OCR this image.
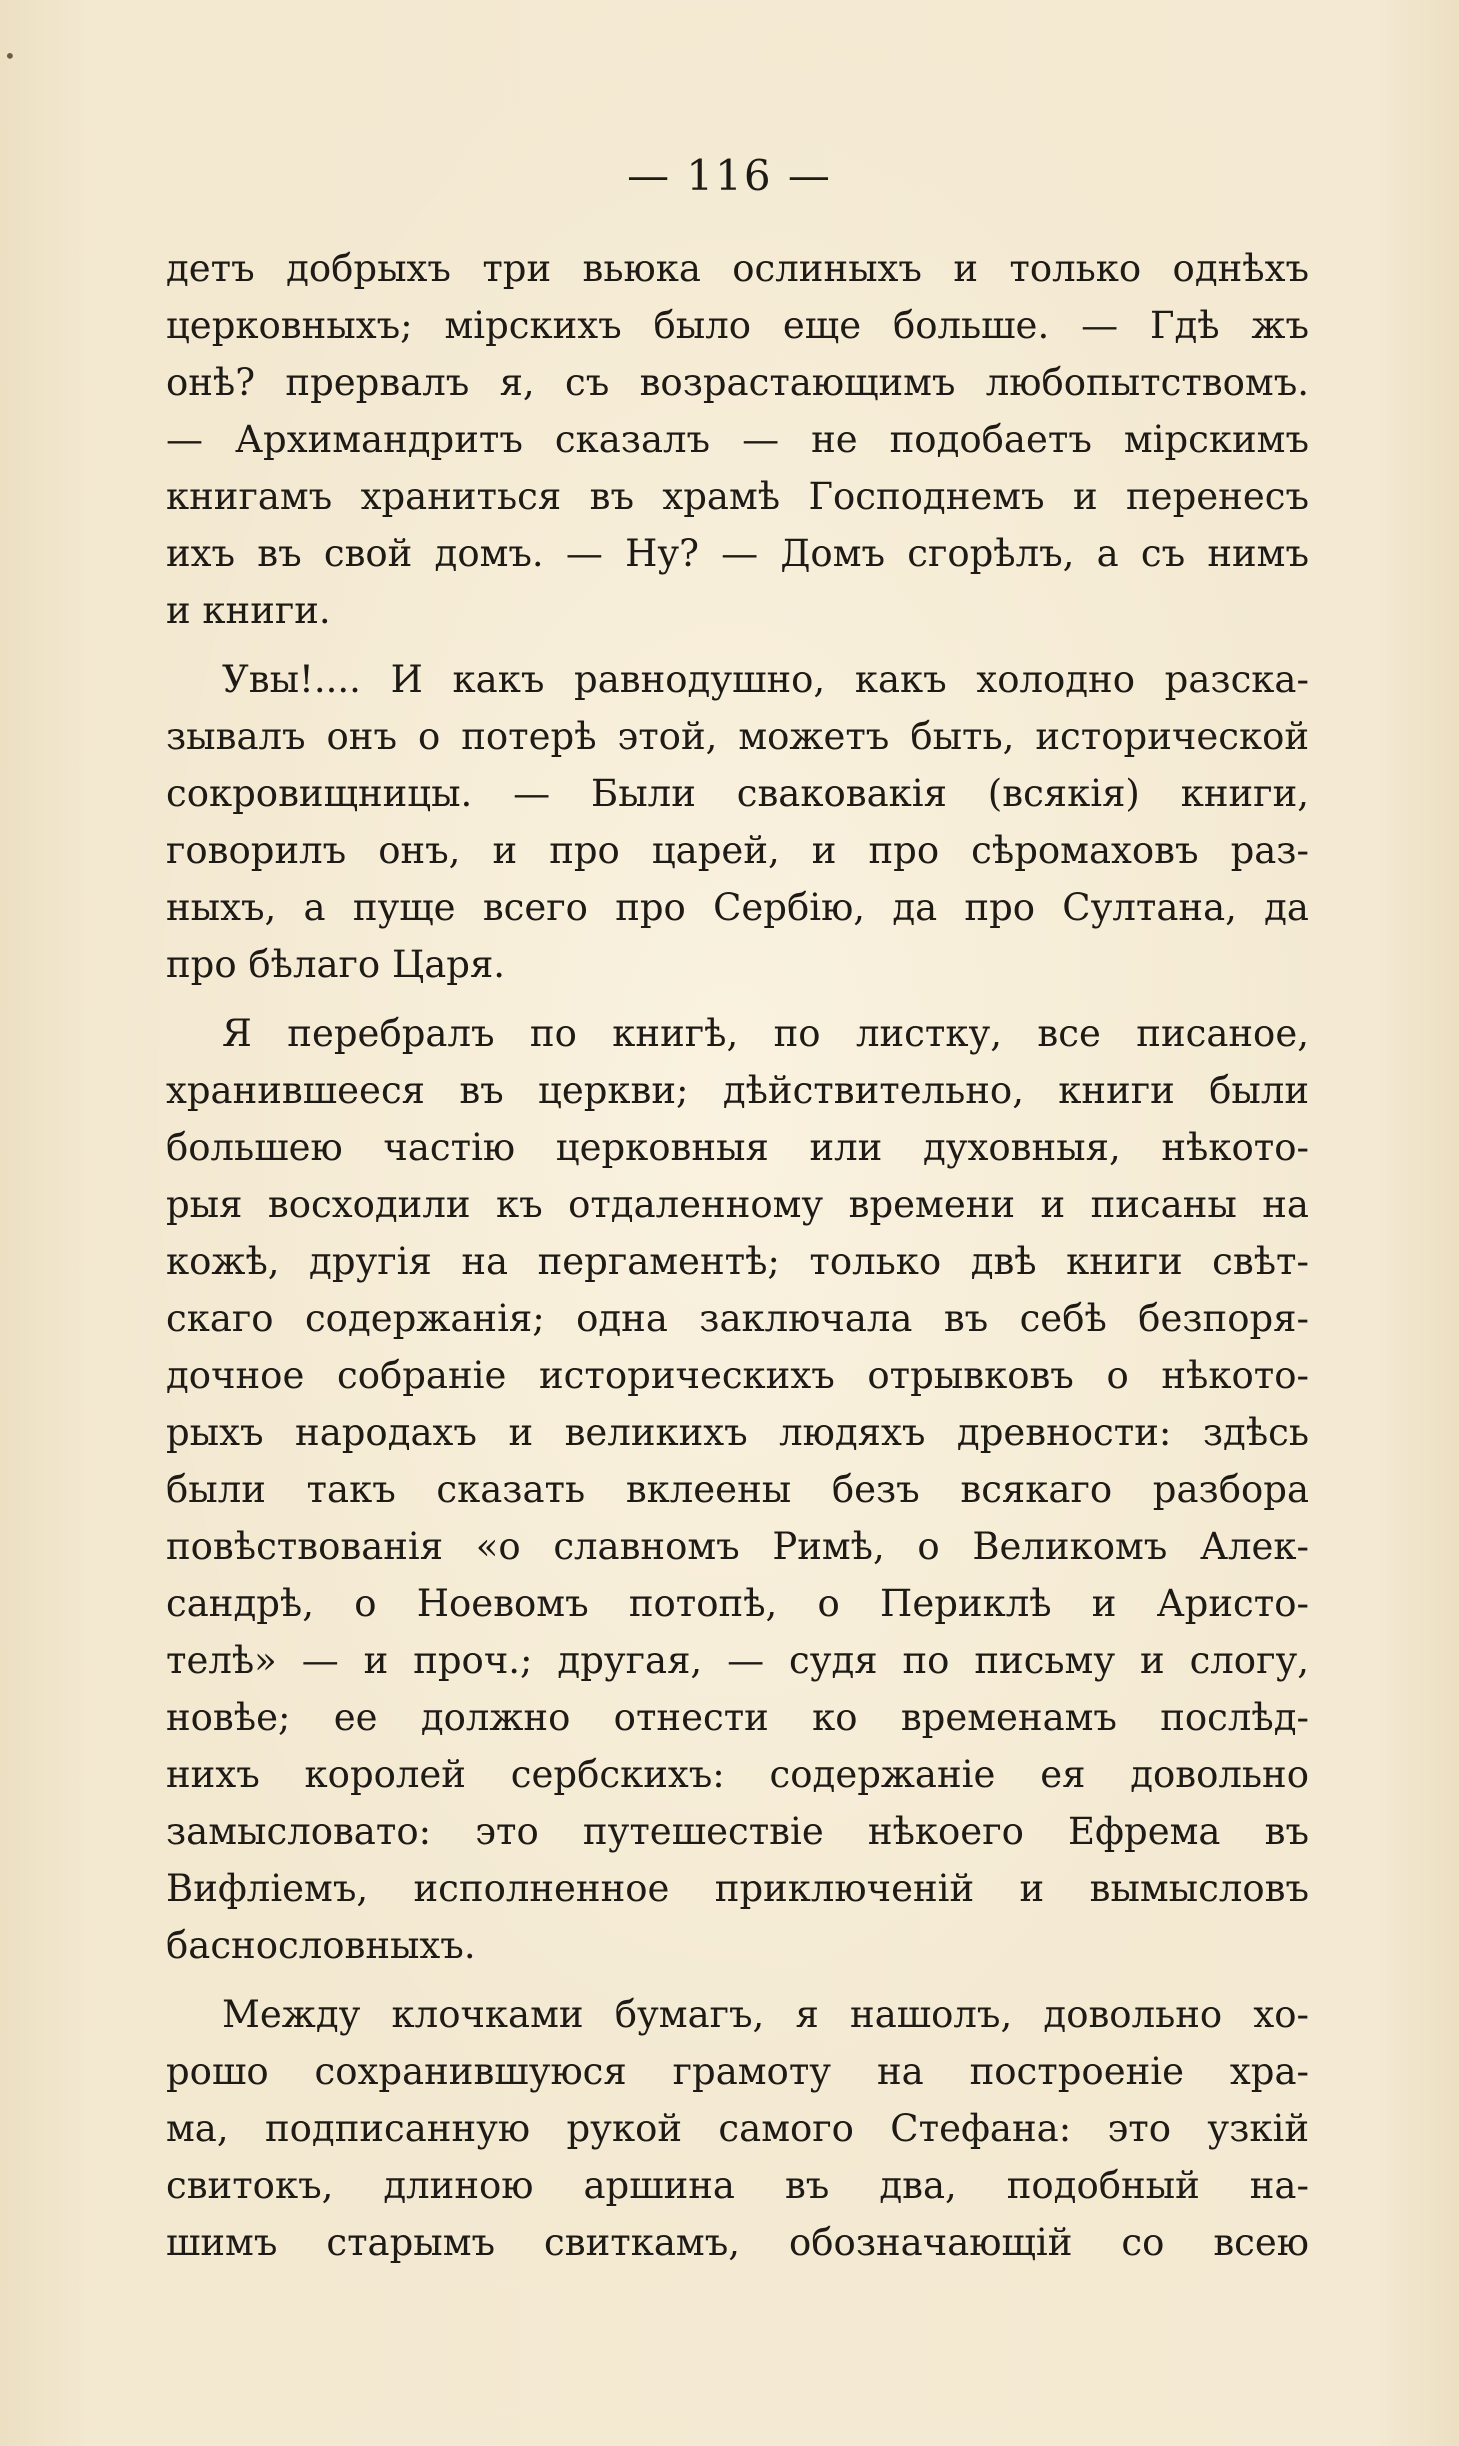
•
— 116 —

детъ добрыхъ три вьюка ослиныхъ и только однѣхъ
церковныхъ; мірскихъ было еще больше. — Гдѣ жъ
онѣ? прервалъ я, съ возрастающимъ любопытствомъ.
— Архимандритъ сказалъ — не подобаетъ мірскимъ
книгамъ храниться въ храмѣ Господнемъ и перенесъ
ихъ въ свой домъ. — Ну? — Домъ сгорѣлъ, а съ нимъ
и книги.

Увы!.... И какъ равнодушно, какъ холодно разска-
зывалъ онъ о потерѣ этой, можетъ быть, исторической
сокровищницы. — Были сваковакія (всякія) книги,
говорилъ онъ, и про царей, и про сѣромаховъ раз-
ныхъ, а пуще всего про Сербію, да про Султана, да
про бѣлаго Царя.

Я перебралъ по книгѣ, по листку, все писаное,
хранившееся въ церкви; дѣйствительно, книги были
большею частію церковныя или духовныя, нѣкото-
рыя восходили къ отдаленному времени и писаны на
кожѣ, другія на пергаментѣ; только двѣ книги свѣт-
скаго содержанія; одна заключала въ себѣ безпоря-
дочное собраніе историческихъ отрывковъ о нѣкото-
рыхъ народахъ и великихъ людяхъ древности: здѣсь
были такъ сказать вклеены безъ всякаго разбора
повѣствованія «о славномъ Римѣ, о Великомъ Алек-
сандрѣ, о Ноевомъ потопѣ, о Периклѣ и Аристо-
телѣ» — и проч.; другая, — судя по письму и слогу,
новѣе; ее должно отнести ко временамъ послѣд-
нихъ королей сербскихъ: содержаніе ея довольно
замысловато: это путешествіе нѣкоего Ефрема въ
Вифліемъ, исполненное приключеній и вымысловъ
баснословныхъ.

Между клочками бумагъ, я нашолъ, довольно хо-
рошо сохранившуюся грамоту на построеніе хра-
ма, подписанную рукой самого Стефана: это узкій
свитокъ, длиною аршина въ два, подобный на-
шимъ старымъ свиткамъ, обозначающій со всею
